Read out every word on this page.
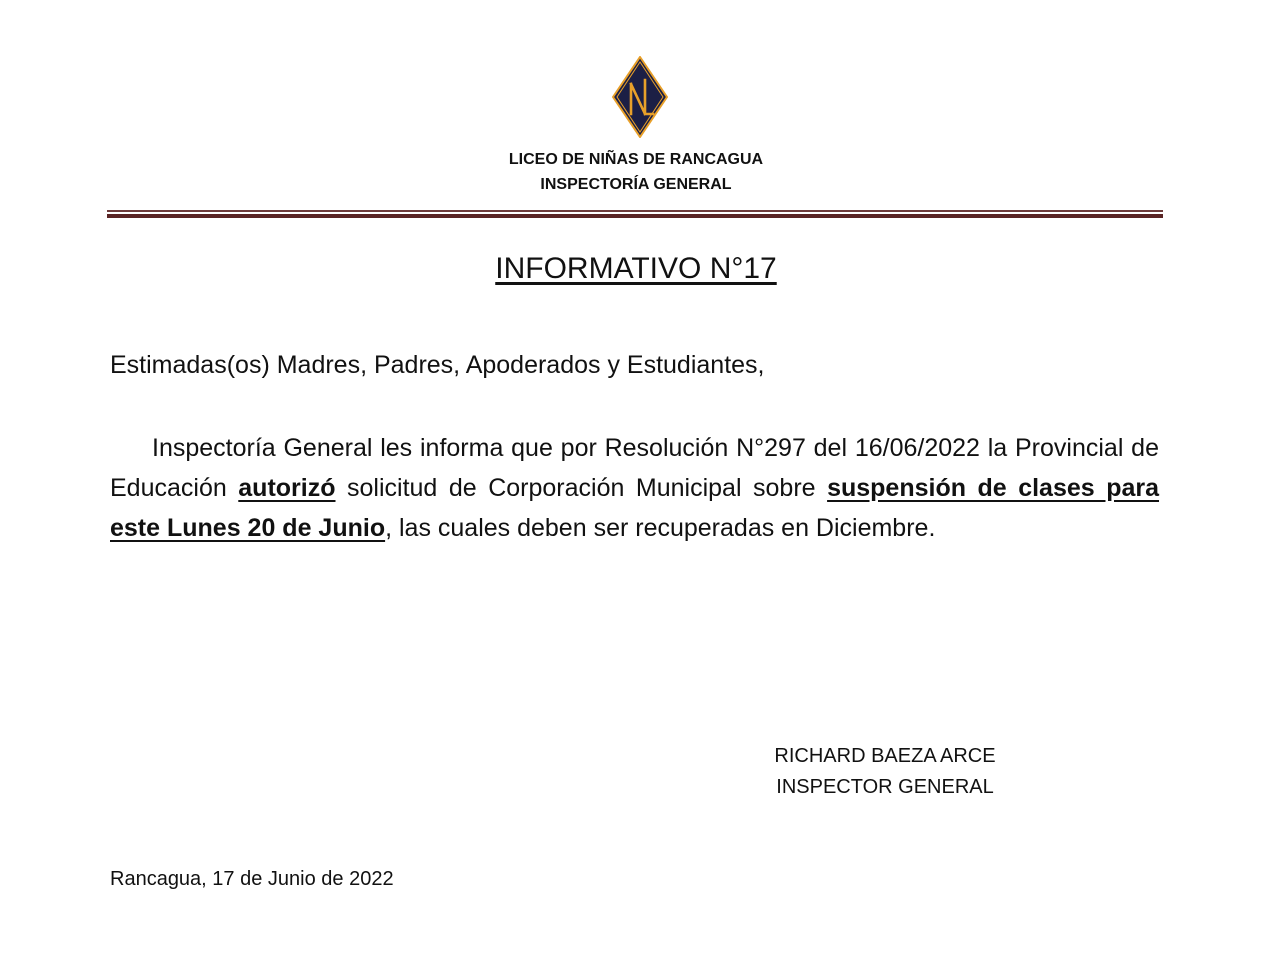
LICEO DE NIÑAS DE RANCAGUA
INSPECTORÍA GENERAL
INFORMATIVO N°17
Estimadas(os) Madres, Padres, Apoderados y Estudiantes,
Inspectoría General les informa que por Resolución N°297 del 16/06/2022 la Provincial de Educación autorizó solicitud de Corporación Municipal sobre suspensión de clases para este Lunes 20 de Junio, las cuales deben ser recuperadas en Diciembre.
RICHARD BAEZA ARCE
INSPECTOR GENERAL
Rancagua, 17 de Junio de 2022
